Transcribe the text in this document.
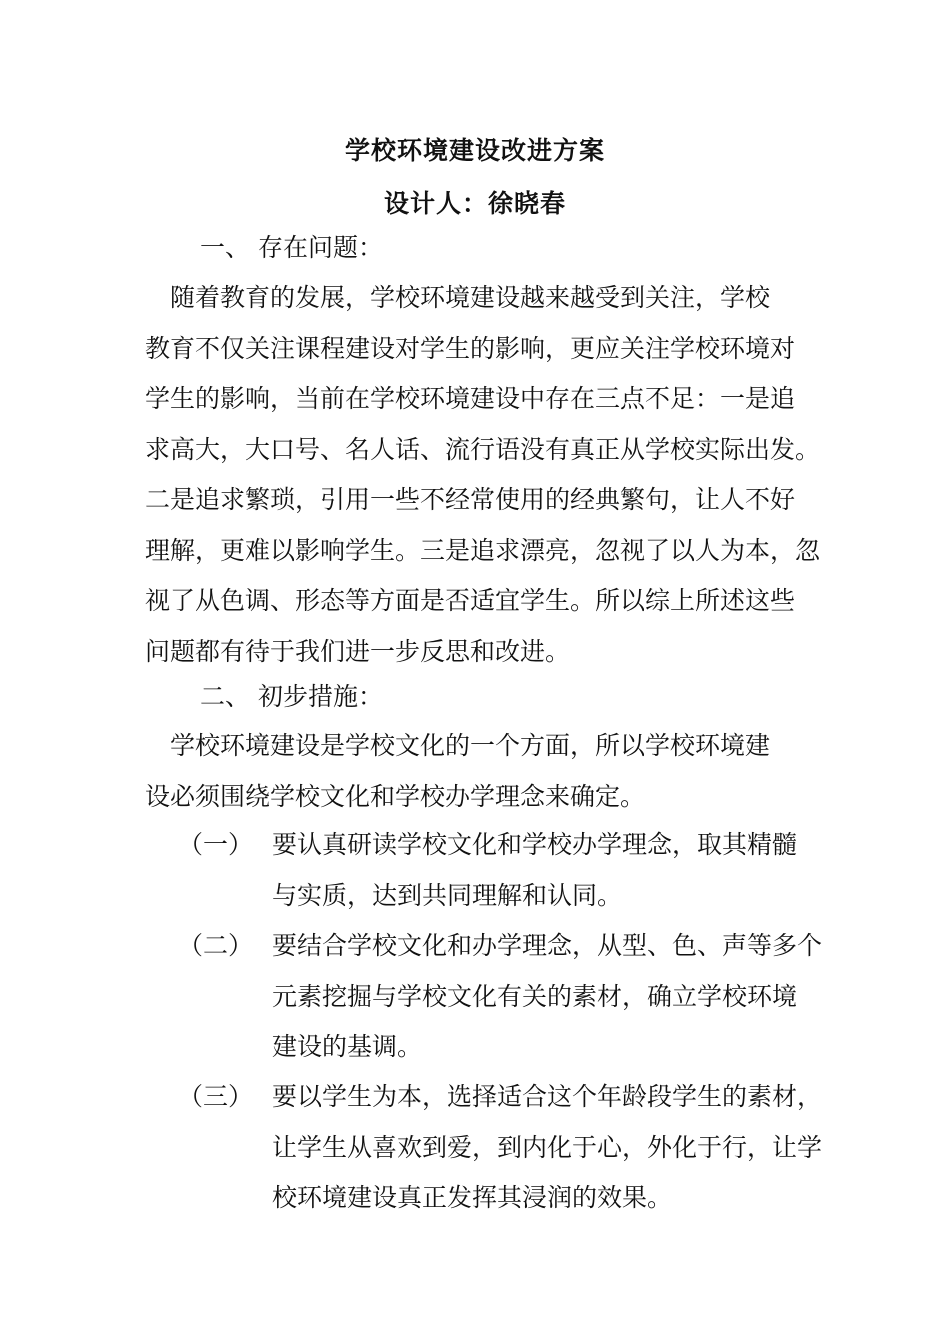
学校环境建设改进方案
设计人：徐晓春
一、 存在问题：
　随着教育的发展，学校环境建设越来越受到关注，学校
教育不仅关注课程建设对学生的影响，更应关注学校环境对
学生的影响，当前在学校环境建设中存在三点不足：一是追
求高大，大口号、名人话、流行语没有真正从学校实际出发。
二是追求繁琐，引用一些不经常使用的经典繁句，让人不好
理解，更难以影响学生。三是追求漂亮，忽视了以人为本，忽
视了从色调、形态等方面是否适宜学生。所以综上所述这些
问题都有待于我们进一步反思和改进。
二、 初步措施：
　学校环境建设是学校文化的一个方面，所以学校环境建
设必须围绕学校文化和学校办学理念来确定。
（一） 要认真研读学校文化和学校办学理念，取其精髓
与实质，达到共同理解和认同。
（二） 要结合学校文化和办学理念，从型、色、声等多个
元素挖掘与学校文化有关的素材，确立学校环境
建设的基调。
（三） 要以学生为本，选择适合这个年龄段学生的素材，
让学生从喜欢到爱，到内化于心，外化于行，让学
校环境建设真正发挥其浸润的效果。
